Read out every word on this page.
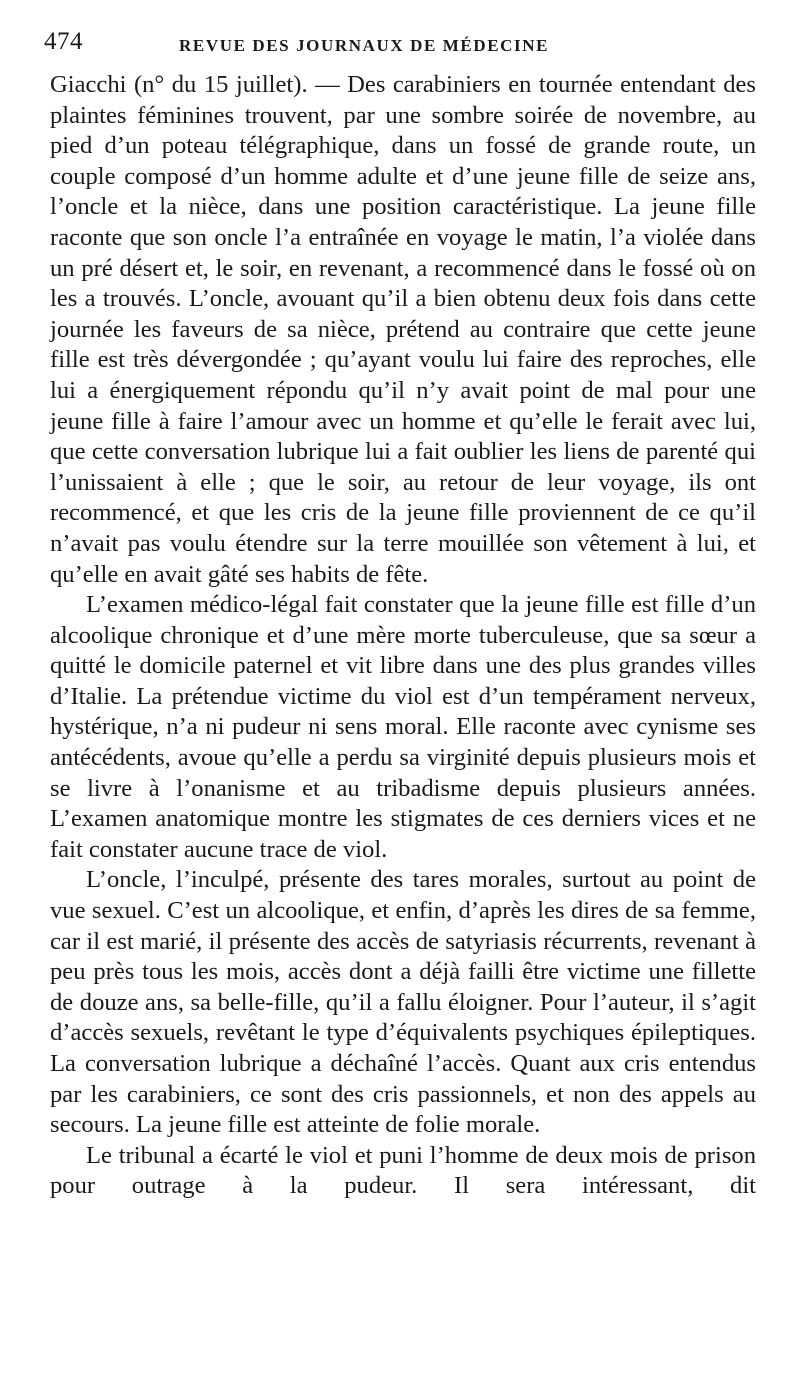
474	REVUE DES JOURNAUX DE MÉDECINE

Giacchi (n° du 15 juillet). — Des carabiniers en tournée entendant des plaintes féminines trouvent, par une sombre soirée de novembre, au pied d’un poteau télégraphique, dans un fossé de grande route, un couple composé d’un homme adulte et d’une jeune fille de seize ans, l’oncle et la nièce, dans une position caractéristique. La jeune fille raconte que son oncle l’a entraînée en voyage le matin, l’a violée dans un pré désert et, le soir, en revenant, a recommencé dans le fossé où on les a trouvés. L’oncle, avouant qu’il a bien obtenu deux fois dans cette journée les faveurs de sa nièce, prétend au contraire que cette jeune fille est très dévergondée ; qu’ayant voulu lui faire des reproches, elle lui a énergiquement répondu qu’il n’y avait point de mal pour une jeune fille à faire l’amour avec un homme et qu’elle le ferait avec lui, que cette conversation lubrique lui a fait oublier les liens de parenté qui l’unissaient à elle ; que le soir, au retour de leur voyage, ils ont recommencé, et que les cris de la jeune fille proviennent de ce qu’il n’avait pas voulu étendre sur la terre mouillée son vêtement à lui, et qu’elle en avait gâté ses habits de fête.

L’examen médico-légal fait constater que la jeune fille est fille d’un alcoolique chronique et d’une mère morte tuberculeuse, que sa sœur a quitté le domicile paternel et vit libre dans une des plus grandes villes d’Italie. La prétendue victime du viol est d’un tempérament nerveux, hystérique, n’a ni pudeur ni sens moral. Elle raconte avec cynisme ses antécédents, avoue qu’elle a perdu sa virginité depuis plusieurs mois et se livre à l’onanisme et au tribadisme depuis plusieurs années. L’examen anatomique montre les stigmates de ces derniers vices et ne fait constater aucune trace de viol.

L’oncle, l’inculpé, présente des tares morales, surtout au point de vue sexuel. C’est un alcoolique, et enfin, d’après les dires de sa femme, car il est marié, il présente des accès de satyriasis récurrents, revenant à peu près tous les mois, accès dont a déjà failli être victime une fillette de douze ans, sa belle-fille, qu’il a fallu éloigner. Pour l’auteur, il s’agit d’accès sexuels, revêtant le type d’équivalents psychiques épileptiques. La conversation lubrique a déchaîné l’accès. Quant aux cris entendus par les carabiniers, ce sont des cris passionnels, et non des appels au secours. La jeune fille est atteinte de folie morale.

Le tribunal a écarté le viol et puni l’homme de deux mois de prison pour outrage à la pudeur. Il sera intéressant, dit
